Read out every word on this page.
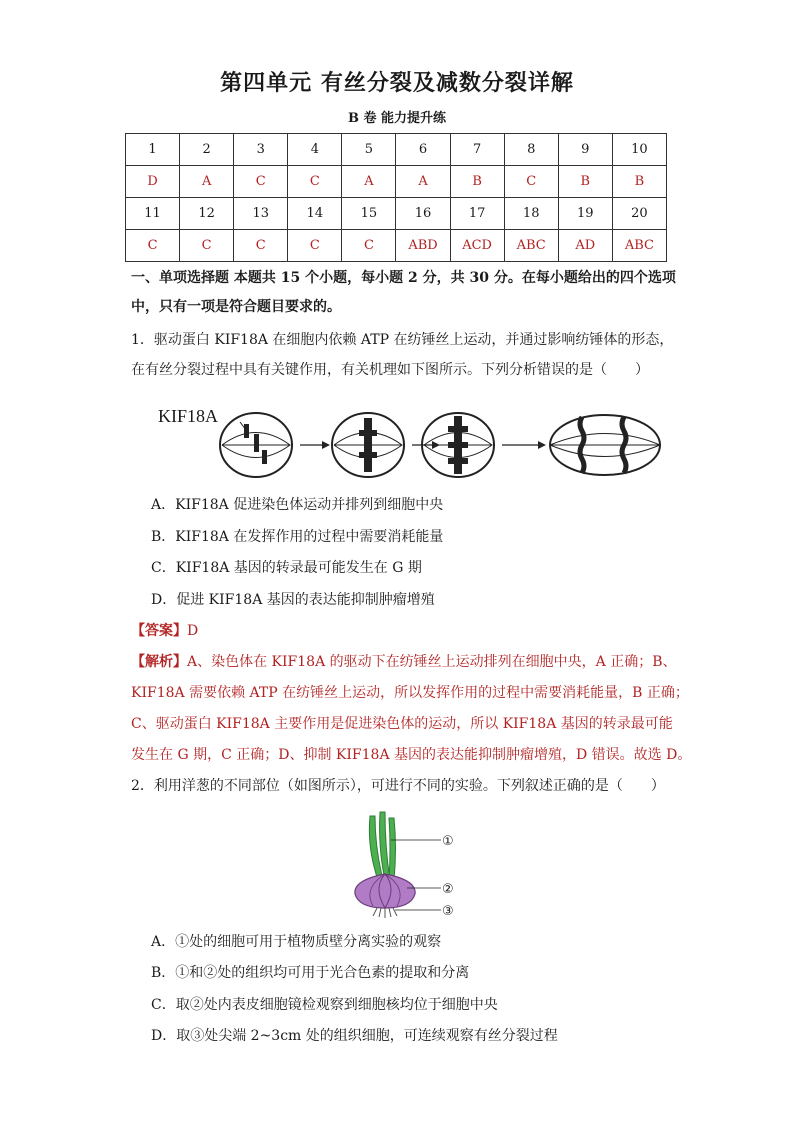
第四单元 有丝分裂及减数分裂详解
B 卷 能力提升练
1	2	3	4	5	6	7	8	9	10
D	A	C	C	A	A	B	C	B	B
11	12	13	14	15	16	17	18	19	20
C	C	C	C	C	ABD	ACD	ABC	AD	ABC
一、单项选择题 本题共 15 个小题，每小题 2 分，共 30 分。在每小题给出的四个选项
中，只有一项是符合题目要求的。
1．驱动蛋白 KIF18A 在细胞内依赖 ATP 在纺锤丝上运动，并通过影响纺锤体的形态，
在有丝分裂过程中具有关键作用，有关机理如下图所示。下列分析错误的是（　　）
KIF18A
A．KIF18A 促进染色体运动并排列到细胞中央
B．KIF18A 在发挥作用的过程中需要消耗能量
C．KIF18A 基因的转录最可能发生在 G 期
D．促进 KIF18A 基因的表达能抑制肿瘤增殖
【答案】D
【解析】A、染色体在 KIF18A 的驱动下在纺锤丝上运动排列在细胞中央，A 正确；B、
KIF18A 需要依赖 ATP 在纺锤丝上运动，所以发挥作用的过程中需要消耗能量，B 正确；
C、驱动蛋白 KIF18A 主要作用是促进染色体的运动，所以 KIF18A 基因的转录最可能
发生在 G 期，C 正确；D、抑制 KIF18A 基因的表达能抑制肿瘤增殖，D 错误。故选 D。
2．利用洋葱的不同部位（如图所示），可进行不同的实验。下列叙述正确的是（　　）
①
②
③
A．①处的细胞可用于植物质壁分离实验的观察
B．①和②处的组织均可用于光合色素的提取和分离
C．取②处内表皮细胞镜检观察到细胞核均位于细胞中央
D．取③处尖端 2~3cm 处的组织细胞，可连续观察有丝分裂过程
